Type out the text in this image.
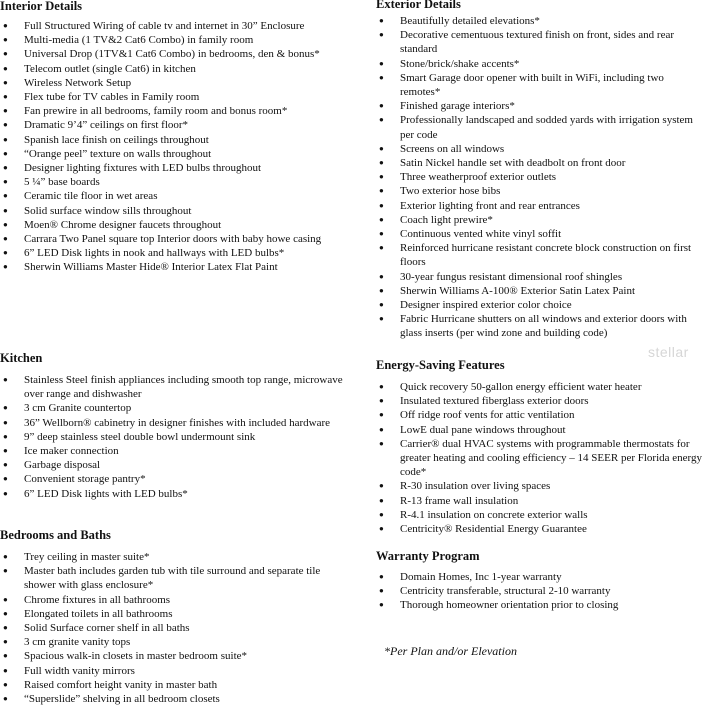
Interior Details
● Full Structured Wiring of cable tv and internet in 30” Enclosure
● Multi-media (1 TV&2 Cat6 Combo) in family room
● Universal Drop (1TV&1 Cat6 Combo) in bedrooms, den & bonus*
● Telecom outlet (single Cat6) in kitchen
● Wireless Network Setup
● Flex tube for TV cables in Family room
● Fan prewire in all bedrooms, family room and bonus room*
● Dramatic 9’4” ceilings on first floor*
● Spanish lace finish on ceilings throughout
● “Orange peel” texture on walls throughout
● Designer lighting fixtures with LED bulbs throughout
● 5 ¼” base boards
● Ceramic tile floor in wet areas
● Solid surface window sills throughout
● Moen® Chrome designer faucets throughout
● Carrara Two Panel square top Interior doors with baby howe casing
● 6” LED Disk lights in nook and hallways with LED bulbs*
● Sherwin Williams Master Hide® Interior Latex Flat Paint
Kitchen
● Stainless Steel finish appliances including smooth top range, microwave over range and dishwasher
● 3 cm Granite countertop
● 36” Wellborn® cabinetry in designer finishes with included hardware
● 9” deep stainless steel double bowl undermount sink
● Ice maker connection
● Garbage disposal
● Convenient storage pantry*
● 6” LED Disk lights with LED bulbs*
Bedrooms and Baths
● Trey ceiling in master suite*
● Master bath includes garden tub with tile surround and separate tile shower with glass enclosure*
● Chrome fixtures in all bathrooms
● Elongated toilets in all bathrooms
● Solid Surface corner shelf in all baths
● 3 cm granite vanity tops
● Spacious walk-in closets in master bedroom suite*
● Full width vanity mirrors
● Raised comfort height vanity in master bath
● “Superslide” shelving in all bedroom closets
Exterior Details
● Beautifully detailed elevations*
● Decorative cementuous textured finish on front, sides and rear standard
● Stone/brick/shake accents*
● Smart Garage door opener with built in WiFi, including two remotes*
● Finished garage interiors*
● Professionally landscaped and sodded yards with irrigation system per code
● Screens on all windows
● Satin Nickel handle set with deadbolt on front door
● Three weatherproof exterior outlets
● Two exterior hose bibs
● Exterior lighting front and rear entrances
● Coach light prewire*
● Continuous vented white vinyl soffit
● Reinforced hurricane resistant concrete block construction on first floors
● 30-year fungus resistant dimensional roof shingles
● Sherwin Williams A-100® Exterior Satin Latex Paint
● Designer inspired exterior color choice
● Fabric Hurricane shutters on all windows and exterior doors with glass inserts (per wind zone and building code)
Energy-Saving Features
● Quick recovery 50-gallon energy efficient water heater
● Insulated textured fiberglass exterior doors
● Off ridge roof vents for attic ventilation
● LowE dual pane windows throughout
● Carrier® dual HVAC systems with programmable thermostats for greater heating and cooling efficiency – 14 SEER per Florida energy code*
● R-30 insulation over living spaces
● R-13 frame wall insulation
● R-4.1 insulation on concrete exterior walls
● Centricity® Residential Energy Guarantee
Warranty Program
● Domain Homes, Inc 1-year warranty
● Centricity transferable, structural 2-10 warranty
● Thorough homeowner orientation prior to closing
*Per Plan and/or Elevation
stellar
